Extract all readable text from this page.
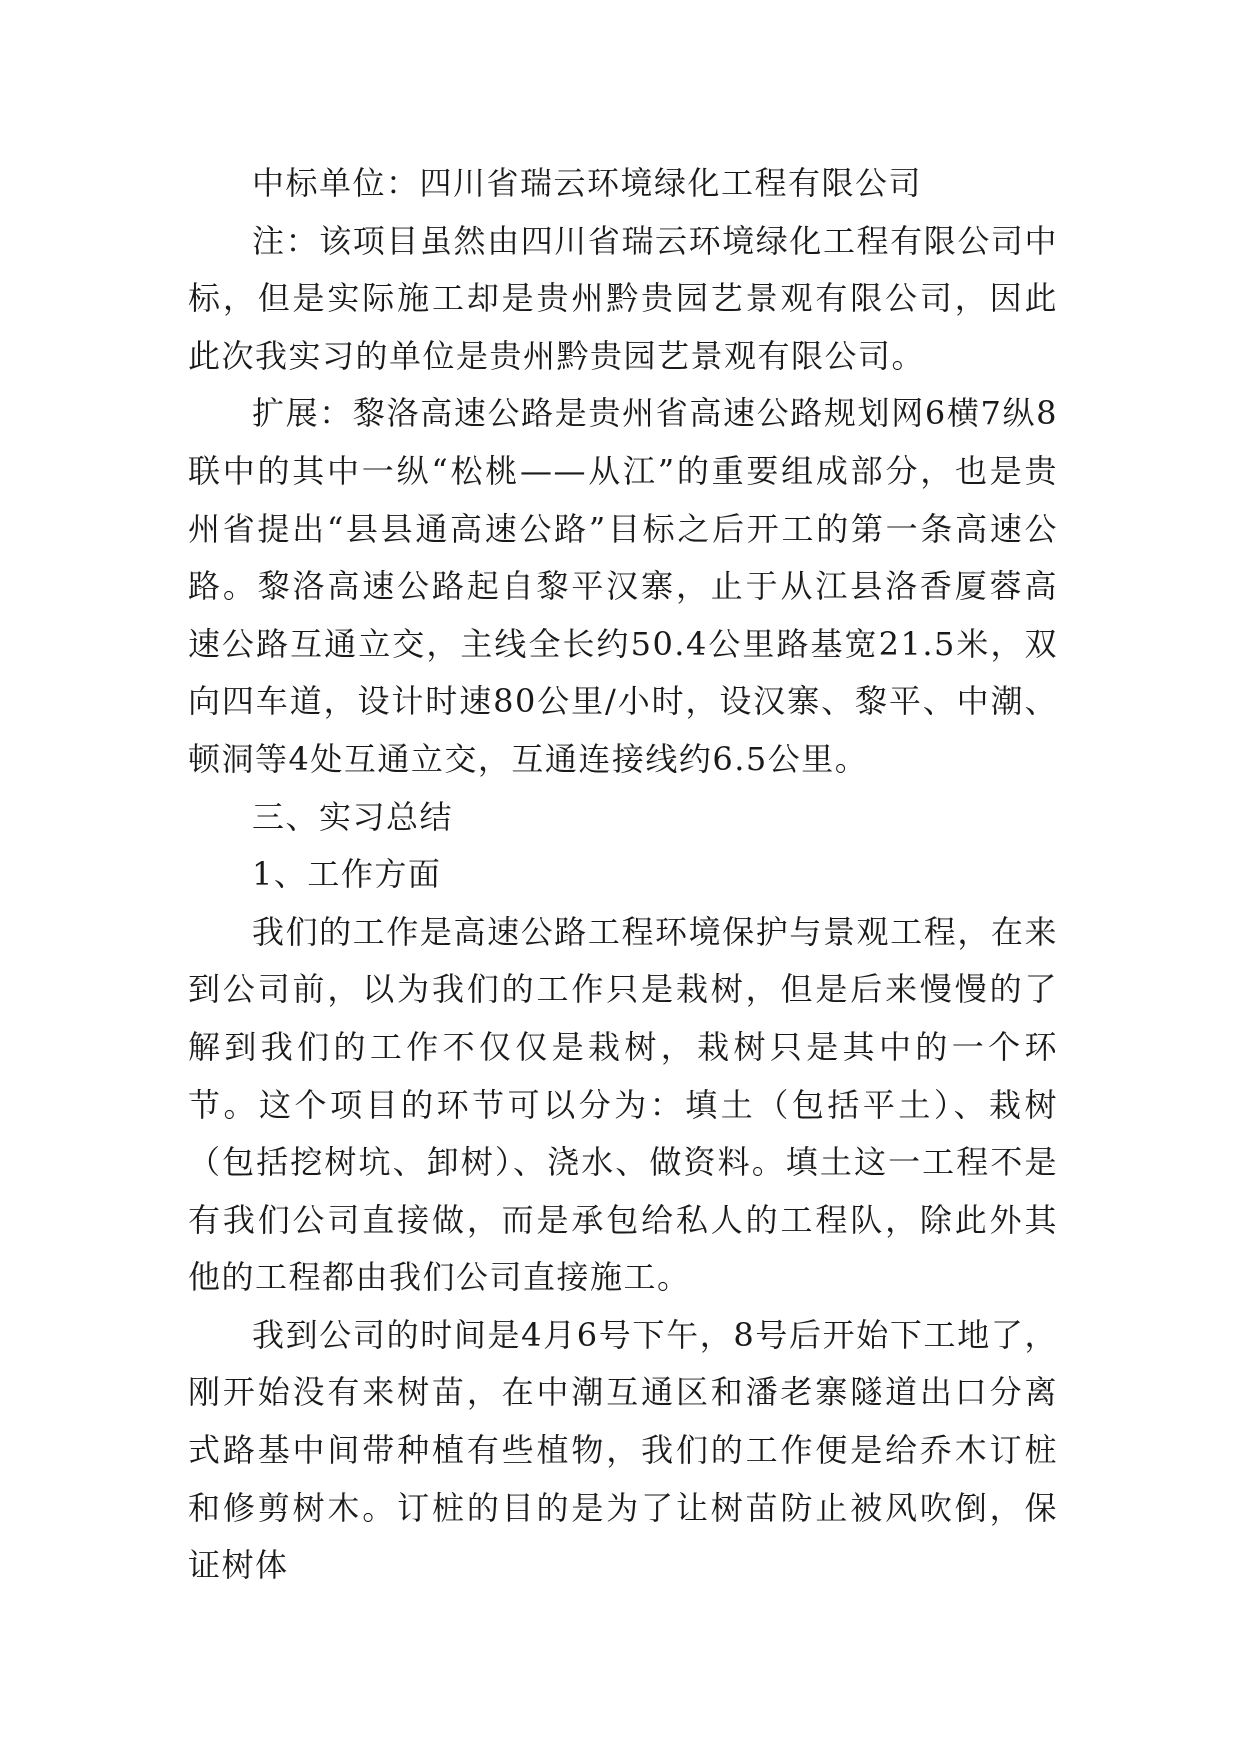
中标单位：四川省瑞云环境绿化工程有限公司

注：该项目虽然由四川省瑞云环境绿化工程有限公司中标，但是实际施工却是贵州黔贵园艺景观有限公司，因此此次我实习的单位是贵州黔贵园艺景观有限公司。

扩展：黎洛高速公路是贵州省高速公路规划网6横7纵8联中的其中一纵“松桃——从江”的重要组成部分，也是贵州省提出“县县通高速公路”目标之后开工的第一条高速公路。黎洛高速公路起自黎平汉寨，止于从江县洛香厦蓉高速公路互通立交，主线全长约50.4公里路基宽21.5米，双向四车道，设计时速80公里/小时，设汉寨、黎平、中潮、顿洞等4处互通立交，互通连接线约6.5公里。

三、实习总结

1、工作方面

我们的工作是高速公路工程环境保护与景观工程，在来到公司前，以为我们的工作只是栽树，但是后来慢慢的了解到我们的工作不仅仅是栽树，栽树只是其中的一个环节。这个项目的环节可以分为：填土（包括平土）、栽树（包括挖树坑、卸树）、浇水、做资料。填土这一工程不是有我们公司直接做，而是承包给私人的工程队，除此外其他的工程都由我们公司直接施工。

我到公司的时间是4月6号下午，8号后开始下工地了，刚开始没有来树苗，在中潮互通区和潘老寨隧道出口分离式路基中间带种植有些植物，我们的工作便是给乔木订桩和修剪树木。订桩的目的是为了让树苗防止被风吹倒，保证树体
